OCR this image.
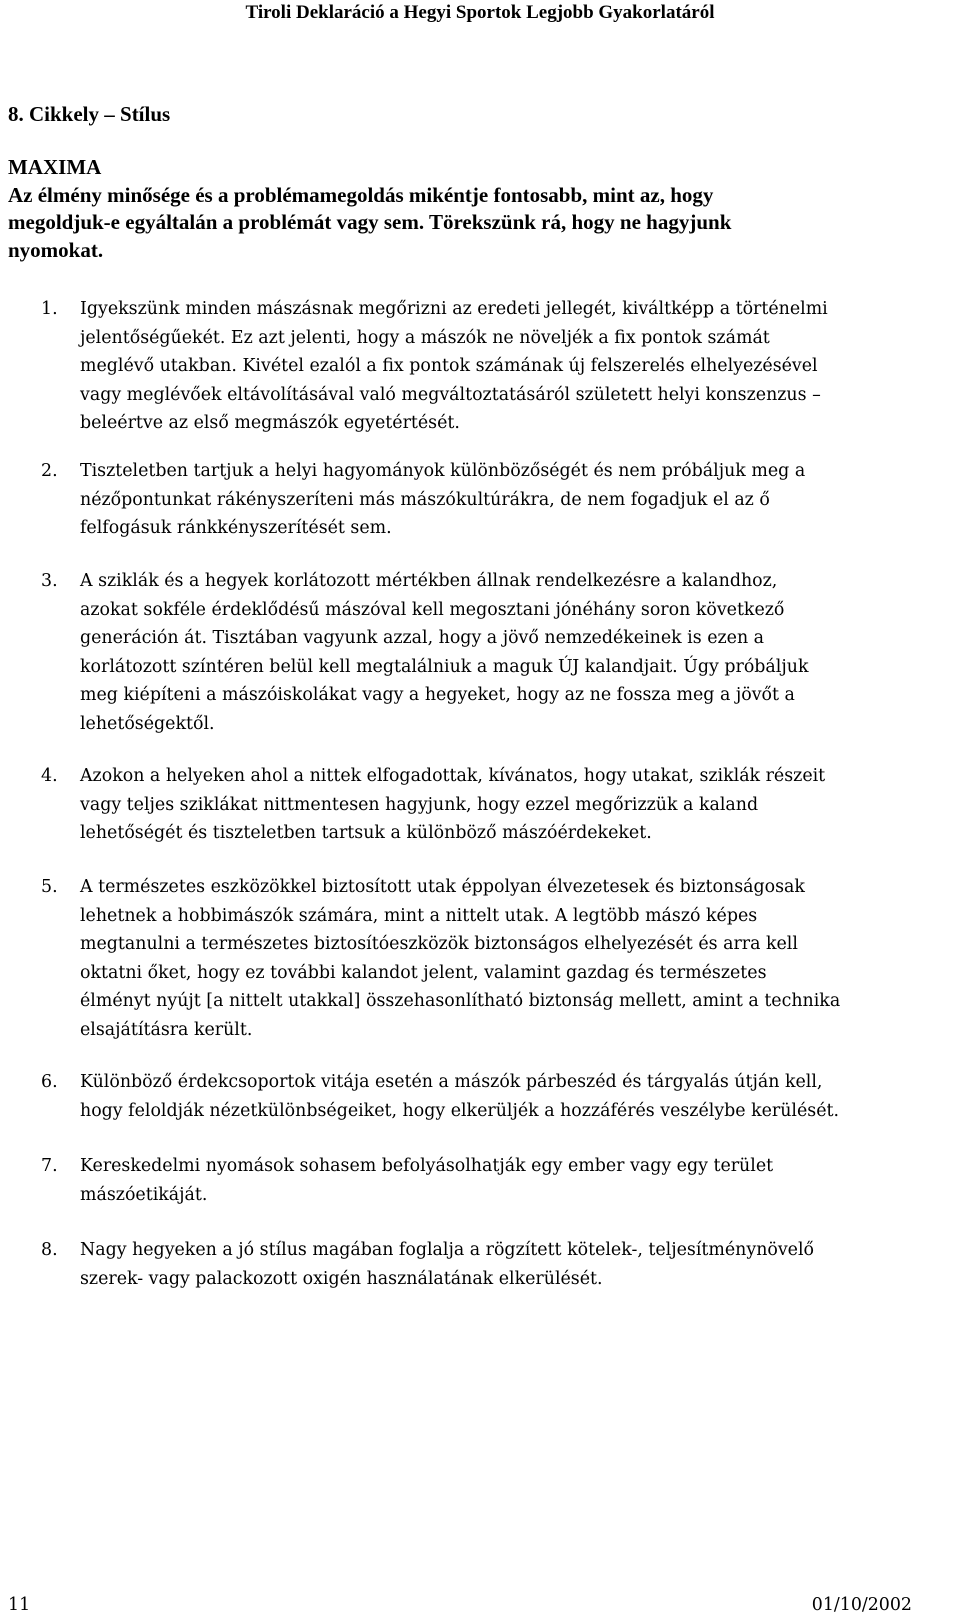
Tiroli Deklaráció a Hegyi Sportok Legjobb Gyakorlatáról
8. Cikkely – Stílus
MAXIMA
Az élmény minősége és a problémamegoldás mikéntje fontosabb, mint az, hogy
megoldjuk-e egyáltalán a problémát vagy sem. Törekszünk rá, hogy ne hagyjunk
nyomokat.
1. Igyekszünk minden mászásnak megőrizni az eredeti jellegét, kiváltképp a történelmi
jelentőségűekét. Ez azt jelenti, hogy a mászók ne növeljék a fix pontok számát
meglévő utakban. Kivétel ezalól a fix pontok számának új felszerelés elhelyezésével
vagy meglévőek eltávolításával való megváltoztatásáról született helyi konszenzus –
beleértve az első megmászók egyetértését.
2. Tiszteletben tartjuk a helyi hagyományok különbözőségét és nem próbáljuk meg a
nézőpontunkat rákényszeríteni más mászókultúrákra, de nem fogadjuk el az ő
felfogásuk ránkkényszerítését sem.
3. A sziklák és a hegyek korlátozott mértékben állnak rendelkezésre a kalandhoz,
azokat sokféle érdeklődésű mászóval kell megosztani jónéhány soron következő
generáción át. Tisztában vagyunk azzal, hogy a jövő nemzedékeinek is ezen a
korlátozott színtéren belül kell megtalálniuk a maguk ÚJ kalandjait. Úgy próbáljuk
meg kiépíteni a mászóiskolákat vagy a hegyeket, hogy az ne fossza meg a jövőt a
lehetőségektől.
4. Azokon a helyeken ahol a nittek elfogadottak, kívánatos, hogy utakat, sziklák részeit
vagy teljes sziklákat nittmentesen hagyjunk, hogy ezzel megőrizzük a kaland
lehetőségét és tiszteletben tartsuk a különböző mászóérdekeket.
5. A természetes eszközökkel biztosított utak éppolyan élvezetesek és biztonságosak
lehetnek a hobbimászók számára, mint a nittelt utak. A legtöbb mászó képes
megtanulni a természetes biztosítóeszközök biztonságos elhelyezését és arra kell
oktatni őket, hogy ez további kalandot jelent, valamint gazdag és természetes
élményt nyújt [a nittelt utakkal] összehasonlítható biztonság mellett, amint a technika
elsajátításra került.
6. Különböző érdekcsoportok vitája esetén a mászók párbeszéd és tárgyalás útján kell,
hogy feloldják nézetkülönbségeiket, hogy elkerüljék a hozzáférés veszélybe kerülését.
7. Kereskedelmi nyomások sohasem befolyásolhatják egy ember vagy egy terület
mászóetikáját.
8. Nagy hegyeken a jó stílus magában foglalja a rögzített kötelek-, teljesítménynövelő
szerek- vagy palackozott oxigén használatának elkerülését.
11	01/10/2002
